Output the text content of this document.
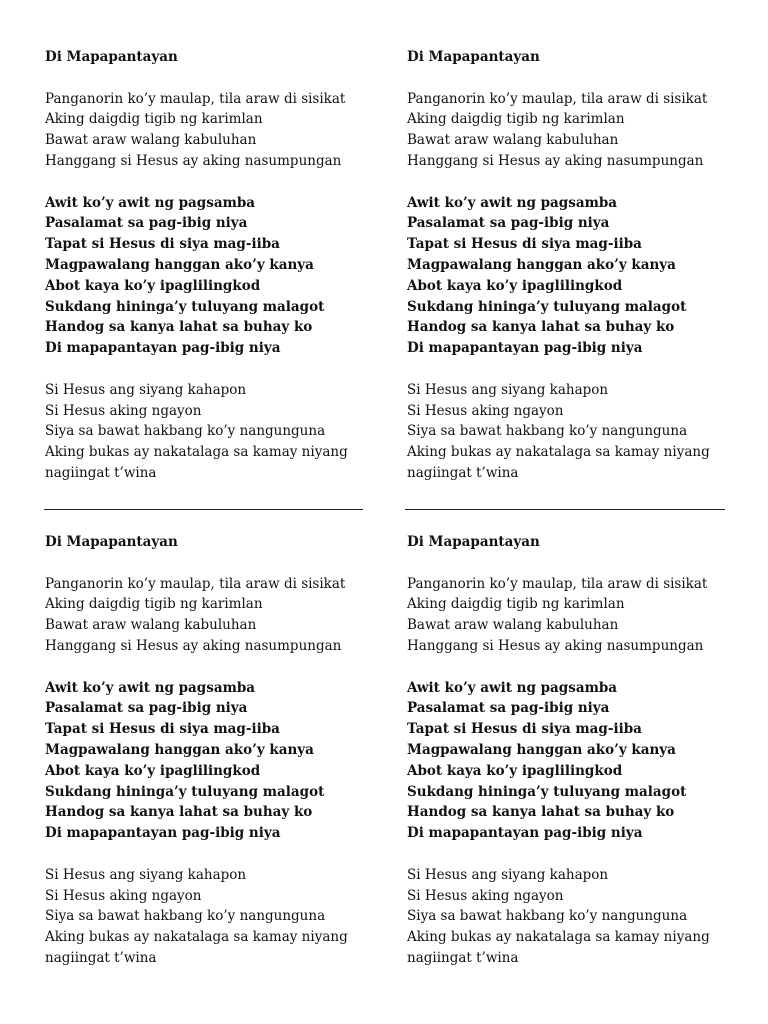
Di Mapapantayan
Panganorin ko’y maulap, tila araw di sisikat
Aking daigdig tigib ng karimlan
Bawat araw walang kabuluhan
Hanggang si Hesus ay aking nasumpungan
Awit ko’y awit ng pagsamba
Pasalamat sa pag-ibig niya
Tapat si Hesus di siya mag-iiba
Magpawalang hanggan ako’y kanya
Abot kaya ko’y ipaglilingkod
Sukdang hininga’y tuluyang malagot
Handog sa kanya lahat sa buhay ko
Di mapapantayan pag-ibig niya
Si Hesus ang siyang kahapon
Si Hesus aking ngayon
Siya sa bawat hakbang ko’y nangunguna
Aking bukas ay nakatalaga sa kamay niyang
nagiingat t’wina
Di Mapapantayan
Panganorin ko’y maulap, tila araw di sisikat
Aking daigdig tigib ng karimlan
Bawat araw walang kabuluhan
Hanggang si Hesus ay aking nasumpungan
Awit ko’y awit ng pagsamba
Pasalamat sa pag-ibig niya
Tapat si Hesus di siya mag-iiba
Magpawalang hanggan ako’y kanya
Abot kaya ko’y ipaglilingkod
Sukdang hininga’y tuluyang malagot
Handog sa kanya lahat sa buhay ko
Di mapapantayan pag-ibig niya
Si Hesus ang siyang kahapon
Si Hesus aking ngayon
Siya sa bawat hakbang ko’y nangunguna
Aking bukas ay nakatalaga sa kamay niyang
nagiingat t’wina
Di Mapapantayan
Panganorin ko’y maulap, tila araw di sisikat
Aking daigdig tigib ng karimlan
Bawat araw walang kabuluhan
Hanggang si Hesus ay aking nasumpungan
Awit ko’y awit ng pagsamba
Pasalamat sa pag-ibig niya
Tapat si Hesus di siya mag-iiba
Magpawalang hanggan ako’y kanya
Abot kaya ko’y ipaglilingkod
Sukdang hininga’y tuluyang malagot
Handog sa kanya lahat sa buhay ko
Di mapapantayan pag-ibig niya
Si Hesus ang siyang kahapon
Si Hesus aking ngayon
Siya sa bawat hakbang ko’y nangunguna
Aking bukas ay nakatalaga sa kamay niyang
nagiingat t’wina
Di Mapapantayan
Panganorin ko’y maulap, tila araw di sisikat
Aking daigdig tigib ng karimlan
Bawat araw walang kabuluhan
Hanggang si Hesus ay aking nasumpungan
Awit ko’y awit ng pagsamba
Pasalamat sa pag-ibig niya
Tapat si Hesus di siya mag-iiba
Magpawalang hanggan ako’y kanya
Abot kaya ko’y ipaglilingkod
Sukdang hininga’y tuluyang malagot
Handog sa kanya lahat sa buhay ko
Di mapapantayan pag-ibig niya
Si Hesus ang siyang kahapon
Si Hesus aking ngayon
Siya sa bawat hakbang ko’y nangunguna
Aking bukas ay nakatalaga sa kamay niyang
nagiingat t’wina
